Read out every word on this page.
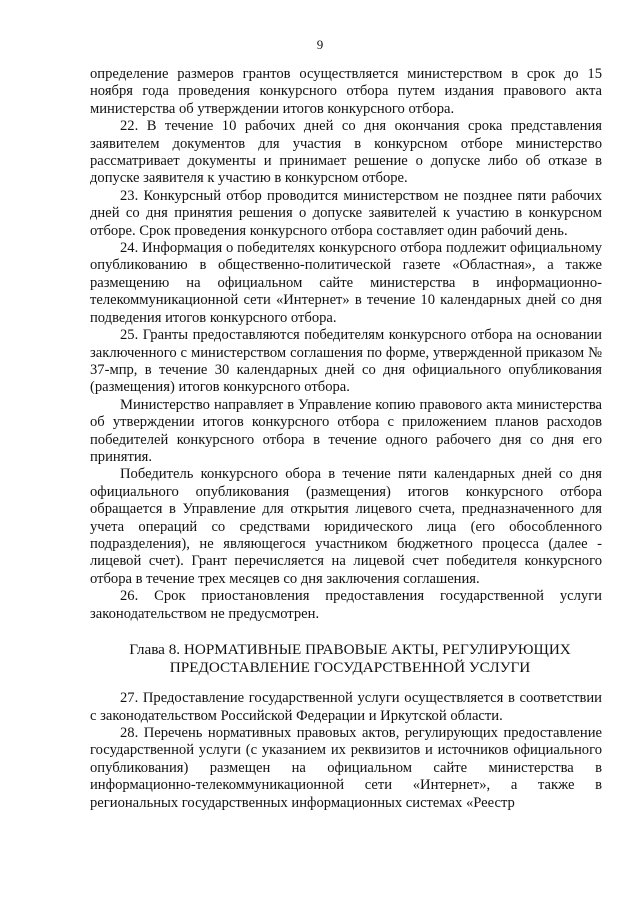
9

определение размеров грантов осуществляется министерством в срок до 15 ноября года проведения конкурсного отбора путем издания правового акта министерства об утверждении итогов конкурсного отбора.

22. В течение 10 рабочих дней со дня окончания срока представления заявителем документов для участия в конкурсном отборе министерство рассматривает документы и принимает решение о допуске либо об отказе в допуске заявителя к участию в конкурсном отборе.

23. Конкурсный отбор проводится министерством не позднее пяти рабочих дней со дня принятия решения о допуске заявителей к участию в конкурсном отборе. Срок проведения конкурсного отбора составляет один рабочий день.

24. Информация о победителях конкурсного отбора подлежит официальному опубликованию в общественно-политической газете «Областная», а также размещению на официальном сайте министерства в информационно-телекоммуникационной сети «Интернет» в течение 10 календарных дней со дня подведения итогов конкурсного отбора.

25. Гранты предоставляются победителям конкурсного отбора на основании заключенного с министерством соглашения по форме, утвержденной приказом № 37-мпр, в течение 30 календарных дней со дня официального опубликования (размещения) итогов конкурсного отбора.

Министерство направляет в Управление копию правового акта министерства об утверждении итогов конкурсного отбора с приложением планов расходов победителей конкурсного отбора в течение одного рабочего дня со дня его принятия.

Победитель конкурсного обора в течение пяти календарных дней со дня официального опубликования (размещения) итогов конкурсного отбора обращается в Управление для открытия лицевого счета, предназначенного для учета операций со средствами юридического лица (его обособленного подразделения), не являющегося участником бюджетного процесса (далее - лицевой счет). Грант перечисляется на лицевой счет победителя конкурсного отбора в течение трех месяцев со дня заключения соглашения.

26. Срок приостановления предоставления государственной услуги законодательством не предусмотрен.

Глава 8. НОРМАТИВНЫЕ ПРАВОВЫЕ АКТЫ, РЕГУЛИРУЮЩИХ
ПРЕДОСТАВЛЕНИЕ ГОСУДАРСТВЕННОЙ УСЛУГИ

27. Предоставление государственной услуги осуществляется в соответствии с законодательством Российской Федерации и Иркутской области.

28. Перечень нормативных правовых актов, регулирующих предоставление государственной услуги (с указанием их реквизитов и источников официального опубликования) размещен на официальном сайте министерства в информационно-телекоммуникационной сети «Интернет», а также в региональных государственных информационных системах «Реестр
